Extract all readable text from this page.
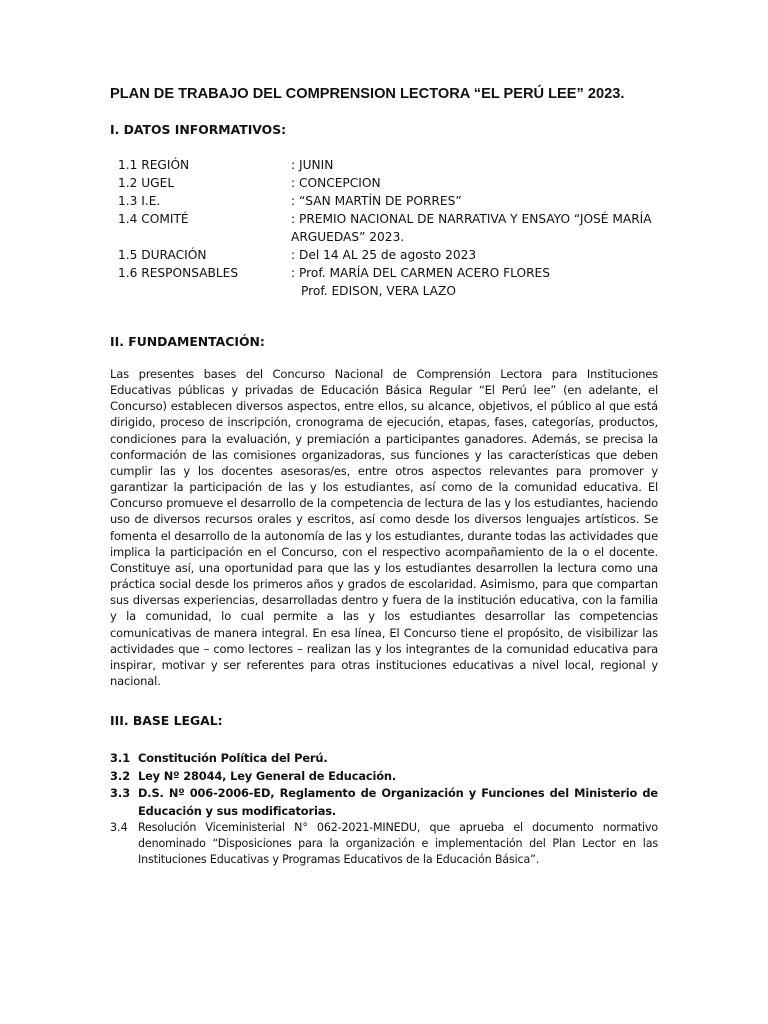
PLAN DE TRABAJO DEL COMPRENSION LECTORA “EL PERÚ LEE” 2023.
I. DATOS INFORMATIVOS:
1.1 REGIÓN	: JUNIN
1.2 UGEL	: CONCEPCION
1.3 I.E.	: “SAN MARTÍN DE PORRES”
1.4 COMITÉ	: PREMIO NACIONAL DE NARRATIVA Y ENSAYO “JOSÉ MARÍA ARGUEDAS” 2023.
1.5 DURACIÓN	: Del 14 AL 25 de agosto 2023
1.6 RESPONSABLES	: Prof. MARÍA DEL CARMEN ACERO FLORES
Prof. EDISON, VERA LAZO
II. FUNDAMENTACIÓN:

Las presentes bases del Concurso Nacional de Comprensión Lectora para Instituciones Educativas públicas y privadas de Educación Básica Regular “El Perú lee” (en adelante, el Concurso) establecen diversos aspectos, entre ellos, su alcance, objetivos, el público al que está dirigido, proceso de inscripción, cronograma de ejecución, etapas, fases, categorías, productos, condiciones para la evaluación, y premiación a participantes ganadores. Además, se precisa la conformación de las comisiones organizadoras, sus funciones y las características que deben cumplir las y los docentes asesoras/es, entre otros aspectos relevantes para promover y garantizar la participación de las y los estudiantes, así como de la comunidad educativa. El Concurso promueve el desarrollo de la competencia de lectura de las y los estudiantes, haciendo uso de diversos recursos orales y escritos, así como desde los diversos lenguajes artísticos. Se fomenta el desarrollo de la autonomía de las y los estudiantes, durante todas las actividades que implica la participación en el Concurso, con el respectivo acompañamiento de la o el docente. Constituye así, una oportunidad para que las y los estudiantes desarrollen la lectura como una práctica social desde los primeros años y grados de escolaridad. Asimismo, para que compartan sus diversas experiencias, desarrolladas dentro y fuera de la institución educativa, con la familia y la comunidad, lo cual permite a las y los estudiantes desarrollar las competencias comunicativas de manera integral. En esa línea, El Concurso tiene el propósito, de visibilizar las actividades que – como lectores – realizan las y los integrantes de la comunidad educativa para inspirar, motivar y ser referentes para otras instituciones educativas a nivel local, regional y nacional.

III. BASE LEGAL:
3.1 Constitución Política del Perú.
3.2 Ley Nº 28044, Ley General de Educación.
3.3 D.S. Nº 006-2006-ED, Reglamento de Organización y Funciones del Ministerio de Educación y sus modificatorias.
3.4 Resolución Viceministerial N° 062-2021-MINEDU, que aprueba el documento normativo denominado “Disposiciones para la organización e implementación del Plan Lector en las Instituciones Educativas y Programas Educativos de la Educación Básica”.
